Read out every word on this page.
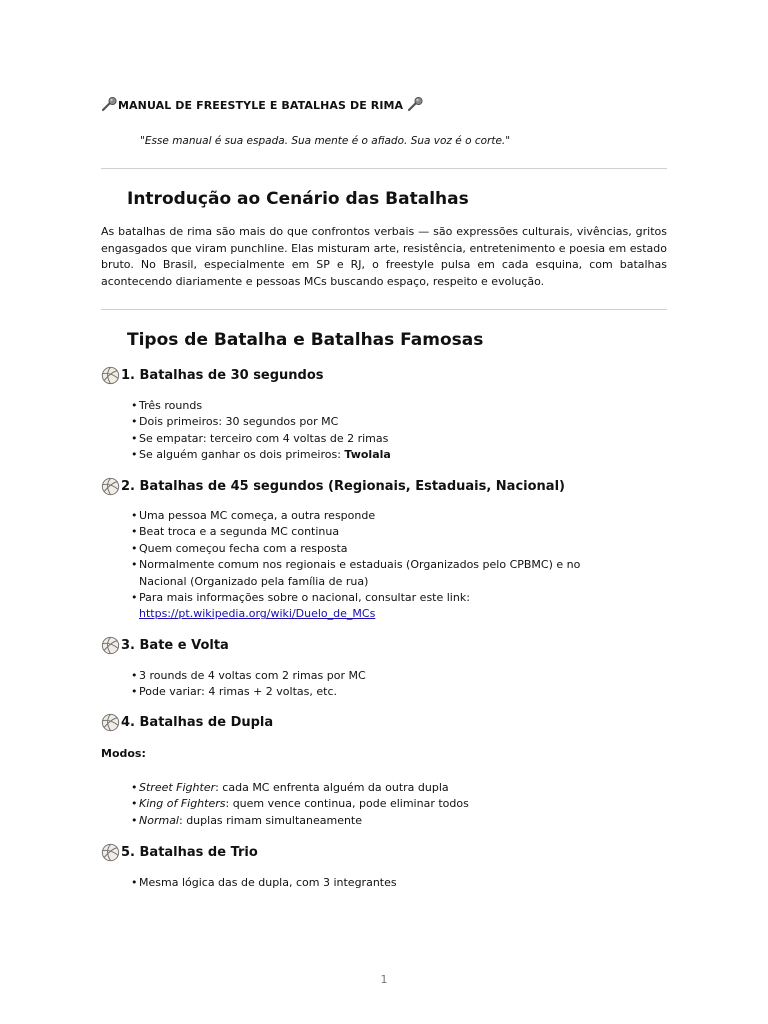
MANUAL DE FREESTYLE E BATALHAS DE RIMA
"Esse manual é sua espada. Sua mente é o afiado. Sua voz é o corte."
Introdução ao Cenário das Batalhas
As batalhas de rima são mais do que confrontos verbais — são expressões culturais, vivências, gritos engasgados que viram punchline. Elas misturam arte, resistência, entretenimento e poesia em estado bruto. No Brasil, especialmente em SP e RJ, o freestyle pulsa em cada esquina, com batalhas acontecendo diariamente e pessoas MCs buscando espaço, respeito e evolução.
Tipos de Batalha e Batalhas Famosas
1. Batalhas de 30 segundos
• Três rounds
• Dois primeiros: 30 segundos por MC
• Se empatar: terceiro com 4 voltas de 2 rimas
• Se alguém ganhar os dois primeiros: Twolala
2. Batalhas de 45 segundos (Regionais, Estaduais, Nacional)
• Uma pessoa MC começa, a outra responde
• Beat troca e a segunda MC continua
• Quem começou fecha com a resposta
• Normalmente comum nos regionais e estaduais (Organizados pelo CPBMC) e no Nacional (Organizado pela família de rua)
• Para mais informações sobre o nacional, consultar este link: https://pt.wikipedia.org/wiki/Duelo_de_MCs
3. Bate e Volta
• 3 rounds de 4 voltas com 2 rimas por MC
• Pode variar: 4 rimas + 2 voltas, etc.
4. Batalhas de Dupla
Modos:
• Street Fighter: cada MC enfrenta alguém da outra dupla
• King of Fighters: quem vence continua, pode eliminar todos
• Normal: duplas rimam simultaneamente
5. Batalhas de Trio
• Mesma lógica das de dupla, com 3 integrantes
1
